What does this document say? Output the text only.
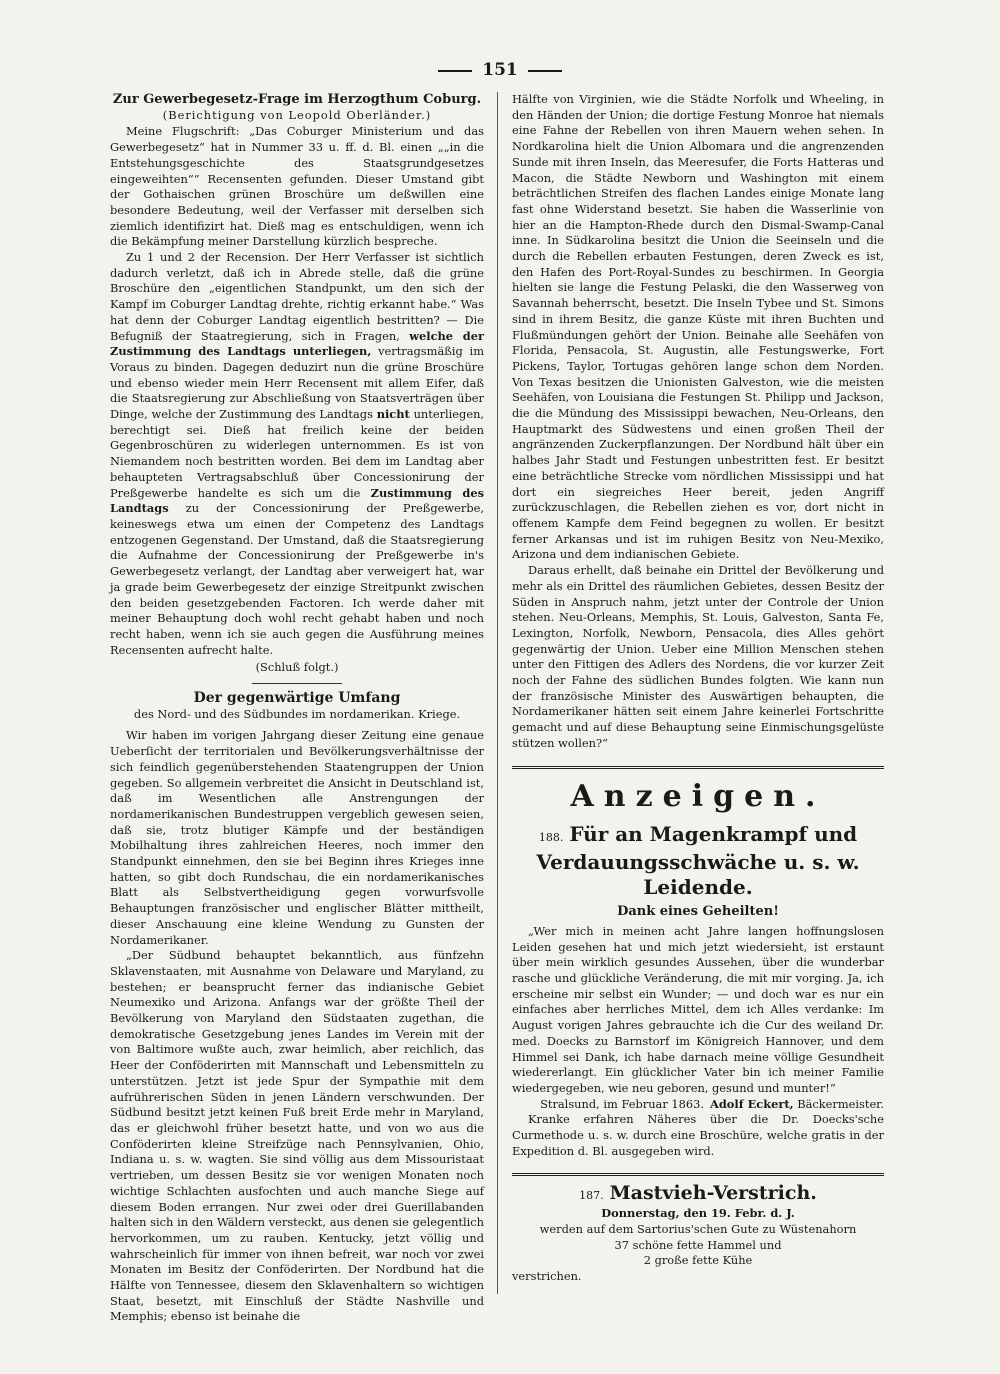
151
Zur Gewerbegesetz-Frage im Herzogthum Coburg.
(Berichtigung von Leopold Oberländer.)

Meine Flugschrift: „Das Coburger Ministerium und das Gewerbegesetz“ hat in Nummer 33 u. ff. d. Bl. einen „„in die Entstehungsgeschichte des Staatsgrundgesetzes eingeweihten““ Recensenten gefunden. Dieser Umstand gibt der Gothaischen grünen Broschüre um deßwillen eine besondere Bedeutung, weil der Verfasser mit derselben sich ziemlich identifizirt hat. Dieß mag es entschuldigen, wenn ich die Bekämpfung meiner Darstellung kürzlich bespreche.

Zu 1 und 2 der Recension. Der Herr Verfasser ist sichtlich dadurch verletzt, daß ich in Abrede stelle, daß die grüne Broschüre den „eigentlichen Standpunkt, um den sich der Kampf im Coburger Landtag drehte, richtig erkannt habe.“ Was hat denn der Coburger Landtag eigentlich bestritten? — Die Befugniß der Staatregierung, sich in Fragen, welche der Zustimmung des Landtags unterliegen, vertragsmäßig im Voraus zu binden. Dagegen deduzirt nun die grüne Broschüre und ebenso wieder mein Herr Recensent mit allem Eifer, daß die Staatsregierung zur Abschließung von Staatsverträgen über Dinge, welche der Zustimmung des Landtags nicht unterliegen, berechtigt sei. Dieß hat freilich keine der beiden Gegenbroschüren zu widerlegen unternommen. Es ist von Niemandem noch bestritten worden. Bei dem im Landtag aber behaupteten Vertragsabschluß über Concessionirung der Preßgewerbe handelte es sich um die Zustimmung des Landtags zu der Concessionirung der Preßgewerbe, keineswegs etwa um einen der Competenz des Landtags entzogenen Gegenstand. Der Umstand, daß die Staatsregierung die Aufnahme der Concessionirung der Preßgewerbe in's Gewerbegesetz verlangt, der Landtag aber verweigert hat, war ja grade beim Gewerbegesetz der einzige Streitpunkt zwischen den beiden gesetzgebenden Factoren. Ich werde daher mit meiner Behauptung doch wohl recht gehabt haben und noch recht haben, wenn ich sie auch gegen die Ausführung meines Recensenten aufrecht halte.

(Schluß folgt.)
Der gegenwärtige Umfang
des Nord- und des Südbundes im nordamerikan. Kriege.

Wir haben im vorigen Jahrgang dieser Zeitung eine genaue Ueberſicht der territorialen und Bevölkerungsverhältnisse der sich feindlich gegenüberstehenden Staatengruppen der Union gegeben. So allgemein verbreitet die Ansicht in Deutschland ist, daß im Wesentlichen alle Anstrengungen der nordamerikanischen Bundestruppen vergeblich gewesen seien, daß sie, trotz blutiger Kämpfe und der beständigen Mobilhaltung ihres zahlreichen Heeres, noch immer den Standpunkt einnehmen, den sie bei Beginn ihres Krieges inne hatten, so gibt doch Rundschau, die ein nordamerikanisches Blatt als Selbstvertheidigung gegen vorwurfsvolle Behauptungen französischer und englischer Blätter mittheilt, dieser Anschauung eine kleine Wendung zu Gunsten der Nordamerikaner.

„Der Südbund behauptet bekanntlich, aus fünfzehn Sklavenstaaten, mit Ausnahme von Delaware und Maryland, zu bestehen; er beansprucht ferner das indianische Gebiet Neumexiko und Arizona. Anfangs war der größte Theil der Bevölkerung von Maryland den Südstaaten zugethan, die demokratische Gesetzgebung jenes Landes im Verein mit der von Baltimore wußte auch, zwar heimlich, aber reichlich, das Heer der Conföderirten mit Mannschaft und Lebensmitteln zu unterstützen. Jetzt ist jede Spur der Sympathie mit dem aufrührerischen Süden in jenen Ländern verschwunden. Der Südbund besitzt jetzt keinen Fuß breit Erde mehr in Maryland, das er gleichwohl früher besetzt hatte, und von wo aus die Conföderirten kleine Streifzüge nach Pennsylvanien, Ohio, Indiana u. s. w. wagten. Sie sind völlig aus dem Missouristaat vertrieben, um dessen Besitz sie vor wenigen Monaten noch wichtige Schlachten ausfochten und auch manche Siege auf diesem Boden errangen. Nur zwei oder drei Guerillabanden halten sich in den Wäldern versteckt, aus denen sie gelegentlich hervorkommen, um zu rauben. Kentucky, jetzt völlig und wahrscheinlich für immer von ihnen befreit, war noch vor zwei Monaten im Besitz der Conföderirten. Der Nordbund hat die Hälfte von Tennessee, diesem den Sklavenhaltern so wichtigen Staat, besetzt, mit Einschluß der Städte Nashville und Memphis; ebenso ist beinahe die

Hälfte von Virginien, wie die Städte Norfolk und Wheeling, in den Händen der Union; die dortige Festung Monroe hat niemals eine Fahne der Rebellen von ihren Mauern wehen sehen. In Nordkarolina hielt die Union Albomara und die angrenzenden Sunde mit ihren Inseln, das Meeresufer, die Forts Hatteras und Macon, die Städte Newborn und Washington mit einem beträchtlichen Streifen des flachen Landes einige Monate lang fast ohne Widerstand besetzt. Sie haben die Wasserlinie von hier an die Hampton-Rhede durch den Dismal-Swamp-Canal inne. In Südkarolina besitzt die Union die Seeinseln und die durch die Rebellen erbauten Festungen, deren Zweck es ist, den Hafen des Port-Royal-Sundes zu beschirmen. In Georgia hielten sie lange die Festung Pelaski, die den Wasserweg von Savannah beherrscht, besetzt. Die Inseln Tybee und St. Simons sind in ihrem Besitz, die ganze Küste mit ihren Buchten und Flußmündungen gehört der Union. Beinahe alle Seehäfen von Florida, Pensacola, St. Augustin, alle Festungswerke, Fort Pickens, Taylor, Tortugas gehören lange schon dem Norden. Von Texas besitzen die Unionisten Galveston, wie die meisten Seehäfen, von Louisiana die Festungen St. Philipp und Jackson, die die Mündung des Mississippi bewachen, Neu-Orleans, den Hauptmarkt des Südwestens und einen großen Theil der angränzenden Zuckerpflanzungen. Der Nordbund hält über ein halbes Jahr Stadt und Festungen unbestritten fest. Er besitzt eine beträchtliche Strecke vom nördlichen Mississippi und hat dort ein siegreiches Heer bereit, jeden Angriff zurückzuschlagen, die Rebellen ziehen es vor, dort nicht in offenem Kampfe dem Feind begegnen zu wollen. Er besitzt ferner Arkansas und ist im ruhigen Besitz von Neu-Mexiko, Arizona und dem indianischen Gebiete.

Daraus erhellt, daß beinahe ein Drittel der Bevölkerung und mehr als ein Drittel des räumlichen Gebietes, dessen Besitz der Süden in Anspruch nahm, jetzt unter der Controle der Union stehen. Neu-Orleans, Memphis, St. Louis, Galveston, Santa Fe, Lexington, Norfolk, Newborn, Pensacola, dies Alles gehört gegenwärtig der Union. Ueber eine Million Menschen stehen unter den Fittigen des Adlers des Nordens, die vor kurzer Zeit noch der Fahne des südlichen Bundes folgten. Wie kann nun der französische Minister des Auswärtigen behaupten, die Nordamerikaner hätten seit einem Jahre keinerlei Fortschritte gemacht und auf diese Behauptung seine Einmischungsgelüste stützen wollen?“

Anzeigen.
188. Für an Magenkrampf und Verdauungsschwäche u. s. w. Leidende.
Dank eines Geheilten!

„Wer mich in meinen acht Jahre langen hoffnungslosen Leiden gesehen hat und mich jetzt wiedersieht, ist erstaunt über mein wirklich gesundes Aussehen, über die wunderbar rasche und glückliche Veränderung, die mit mir vorging. Ja, ich erscheine mir selbst ein Wunder; — und doch war es nur ein einfaches aber herrliches Mittel, dem ich Alles verdanke: Im August vorigen Jahres gebrauchte ich die Cur des weiland Dr. med. Doecks zu Barnstorf im Königreich Hannover, und dem Himmel sei Dank, ich habe darnach meine völlige Gesundheit wiedererlangt. Ein glücklicher Vater bin ich meiner Familie wiedergegeben, wie neu geboren, gesund und munter!“

Stralsund, im Februar 1863. Adolf Eckert, Bäckermeister.

Kranke erfahren Näheres über die Dr. Doecks'sche Curmethode u. s. w. durch eine Broschüre, welche gratis in der Expedition d. Bl. ausgegeben wird.

187. Mastvieh-Verstrich.
Donnerstag, den 19. Febr. d. J.
werden auf dem Sartorius'schen Gute zu Wüstenahorn
37 schöne fette Hammel und
2 große fette Kühe
verstrichen.
